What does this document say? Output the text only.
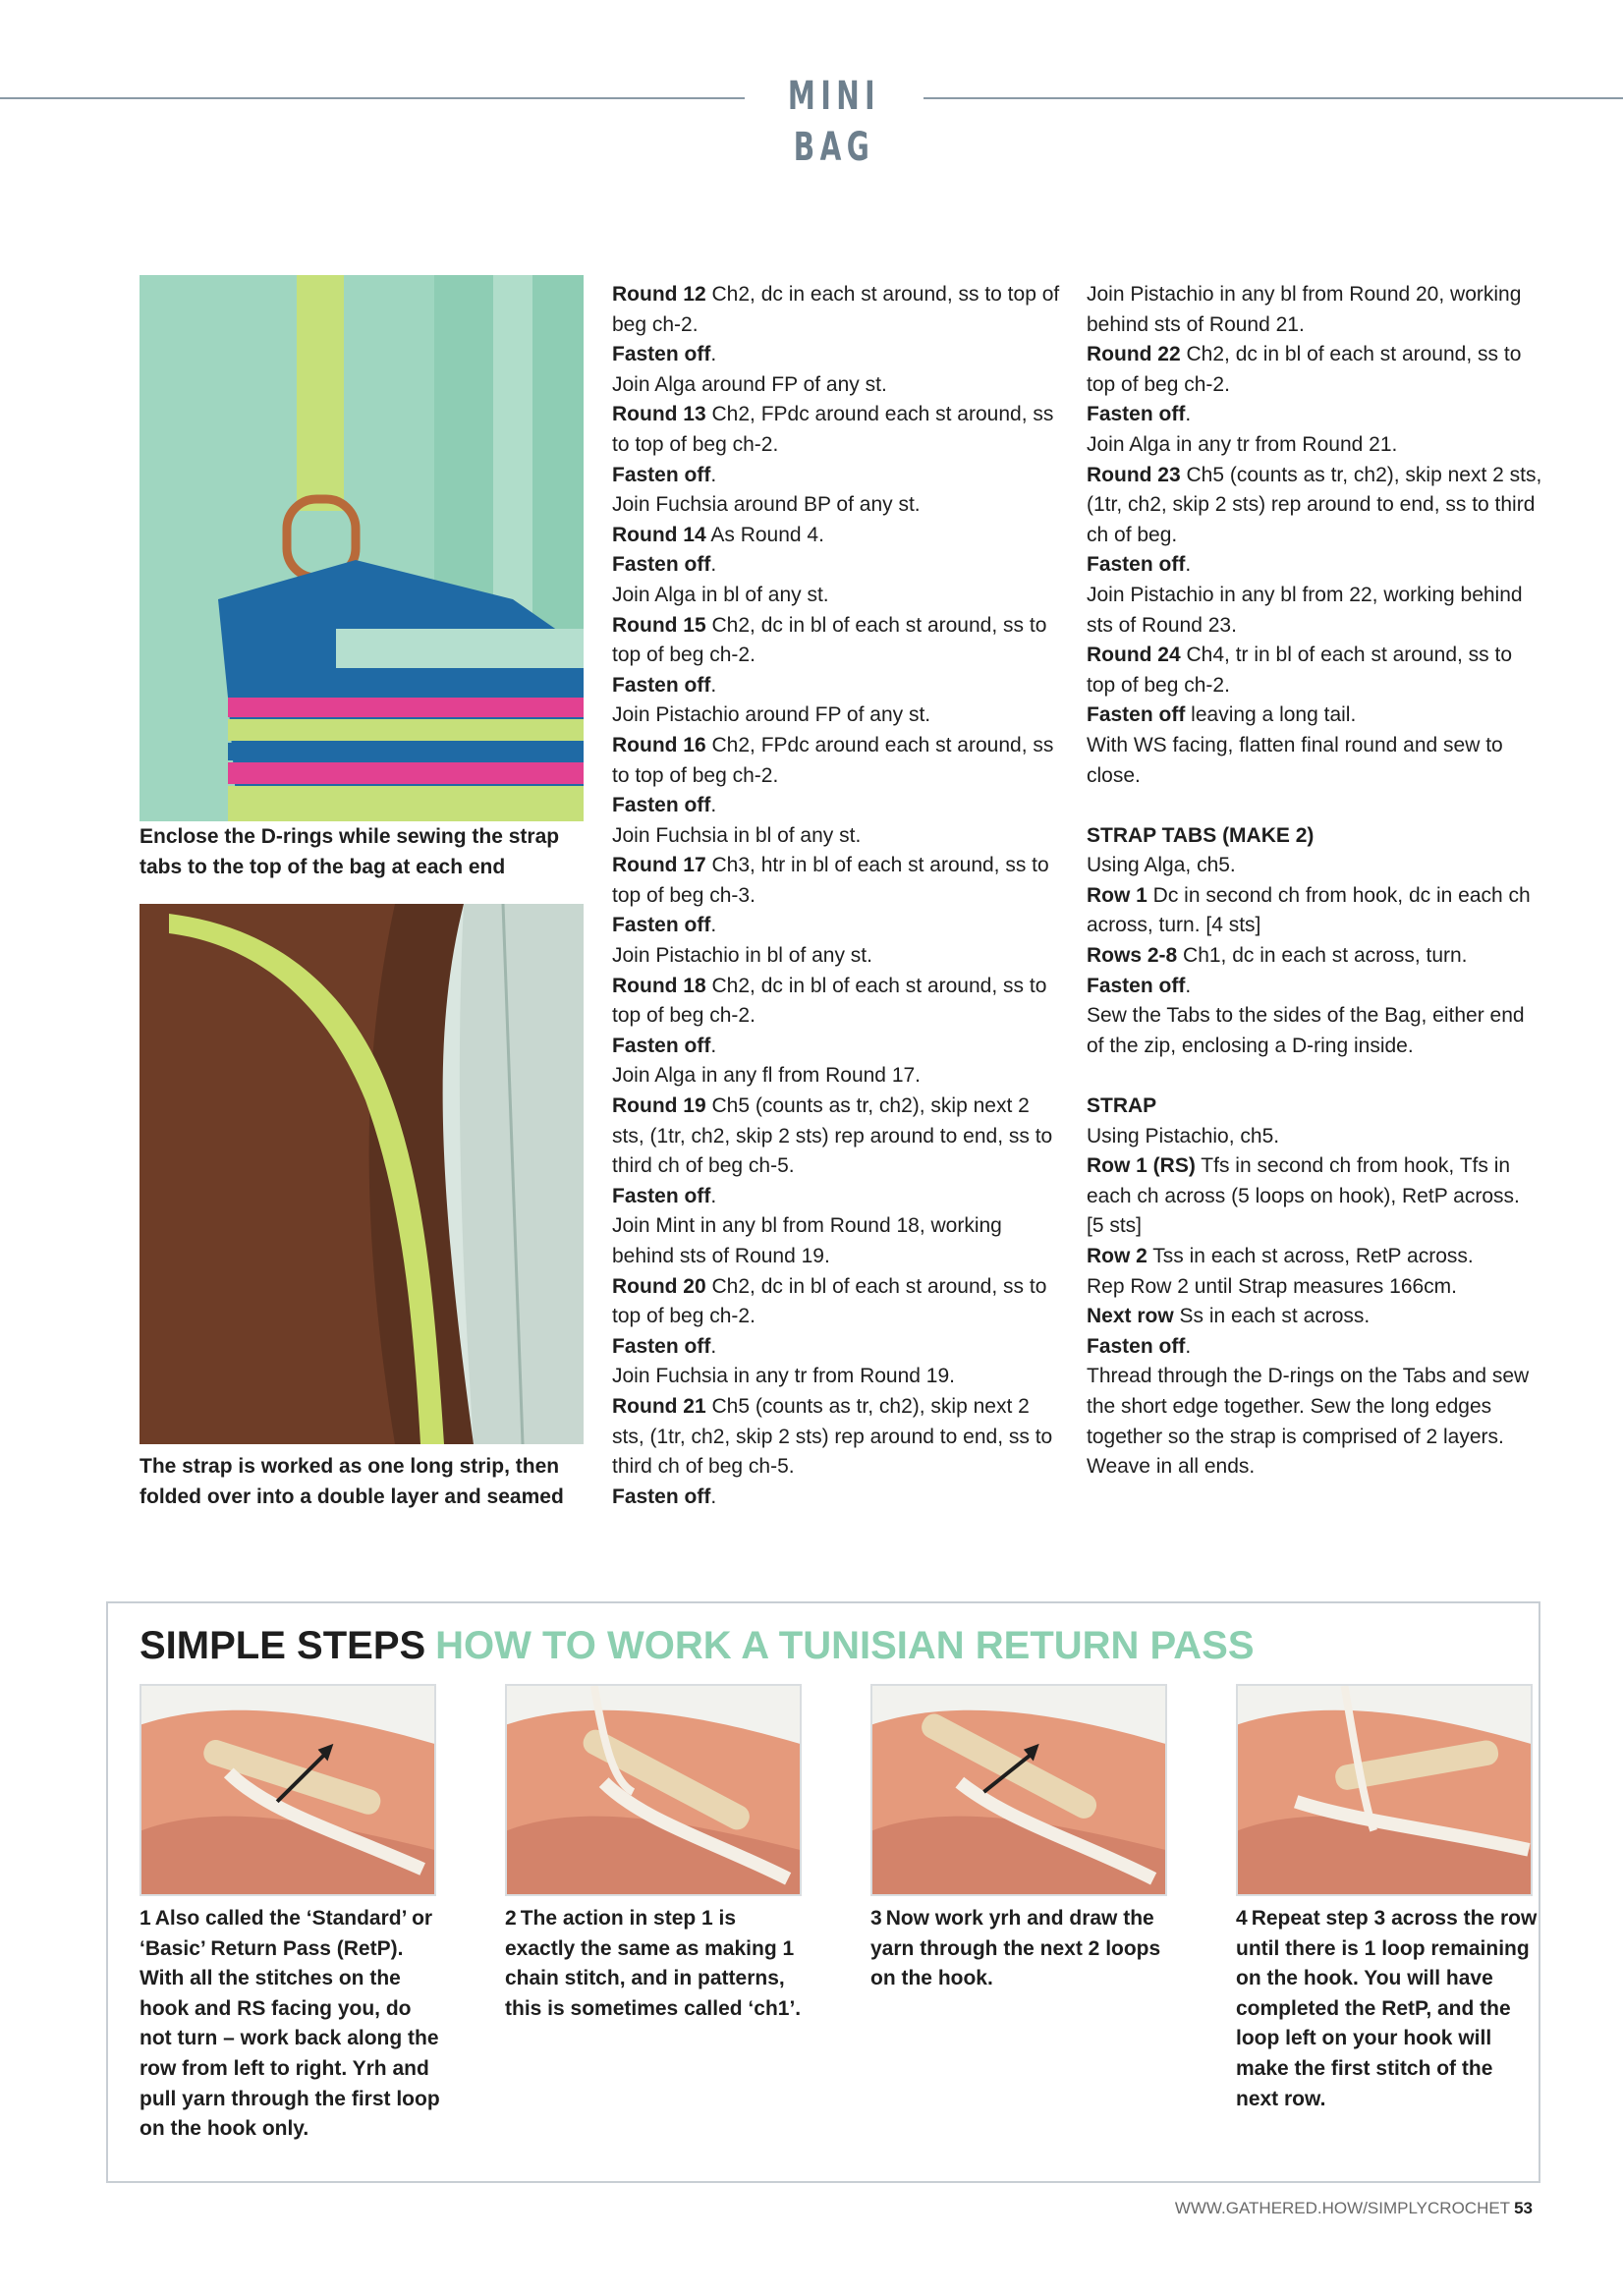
MINI BAG
Enclose the D-rings while sewing the strap tabs to the top of the bag at each end
The strap is worked as one long strip, then folded over into a double layer and seamed

Round 12 Ch2, dc in each st around, ss to top of beg ch-2.

Fasten off.

Join Alga around FP of any st.

Round 13 Ch2, FPdc around each st around, ss to top of beg ch-2.

Fasten off.

Join Fuchsia around BP of any st.

Round 14 As Round 4.

Fasten off.

Join Alga in bl of any st.

Round 15 Ch2, dc in bl of each st around, ss to top of beg ch-2.

Fasten off.

Join Pistachio around FP of any st.

Round 16 Ch2, FPdc around each st around, ss to top of beg ch-2.

Fasten off.

Join Fuchsia in bl of any st.

Round 17 Ch3, htr in bl of each st around, ss to top of beg ch-3.

Fasten off.

Join Pistachio in bl of any st.

Round 18 Ch2, dc in bl of each st around, ss to top of beg ch-2.

Fasten off.

Join Alga in any fl from Round 17.

Round 19 Ch5 (counts as tr, ch2), skip next 2 sts, (1tr, ch2, skip 2 sts) rep around to end, ss to third ch of beg ch-5.

Fasten off.

Join Mint in any bl from Round 18, working behind sts of Round 19.

Round 20 Ch2, dc in bl of each st around, ss to top of beg ch-2.

Fasten off.

Join Fuchsia in any tr from Round 19.

Round 21 Ch5 (counts as tr, ch2), skip next 2 sts, (1tr, ch2, skip 2 sts) rep around to end, ss to third ch of beg ch-5.

Fasten off.

Join Pistachio in any bl from Round 20, working behind sts of Round 21.

Round 22 Ch2, dc in bl of each st around, ss to top of beg ch-2.

Fasten off.

Join Alga in any tr from Round 21.

Round 23 Ch5 (counts as tr, ch2), skip next 2 sts, (1tr, ch2, skip 2 sts) rep around to end, ss to third ch of beg.

Fasten off.

Join Pistachio in any bl from 22, working behind sts of Round 23.

Round 24 Ch4, tr in bl of each st around, ss to top of beg ch-2.

Fasten off leaving a long tail.

With WS facing, flatten final round and sew to close.

STRAP TABS (MAKE 2)

Using Alga, ch5.

Row 1 Dc in second ch from hook, dc in each ch across, turn. [4 sts]

Rows 2-8 Ch1, dc in each st across, turn.

Fasten off.

Sew the Tabs to the sides of the Bag, either end of the zip, enclosing a D-ring inside.

STRAP

Using Pistachio, ch5.

Row 1 (RS) Tfs in second ch from hook, Tfs in each ch across (5 loops on hook), RetP across. [5 sts]

Row 2 Tss in each st across, RetP across.

Rep Row 2 until Strap measures 166cm.

Next row Ss in each st across.

Fasten off.

Thread through the D-rings on the Tabs and sew the short edge together. Sew the long edges together so the strap is comprised of 2 layers. Weave in all ends.

SIMPLE STEPS HOW TO WORK A TUNISIAN RETURN PASS
1 Also called the ‘Standard’ or ‘Basic’ Return Pass (RetP). With all the stitches on the hook and RS facing you, do not turn – work back along the row from left to right. Yrh and pull yarn through the first loop on the hook only.
2 The action in step 1 is exactly the same as making 1 chain stitch, and in patterns, this is sometimes called ‘ch1’.
3 Now work yrh and draw the yarn through the next 2 loops on the hook.
4 Repeat step 3 across the row until there is 1 loop remaining on the hook. You will have completed the RetP, and the loop left on your hook will make the first stitch of the next row.
WWW.GATHERED.HOW/SIMPLYCROCHET 53
